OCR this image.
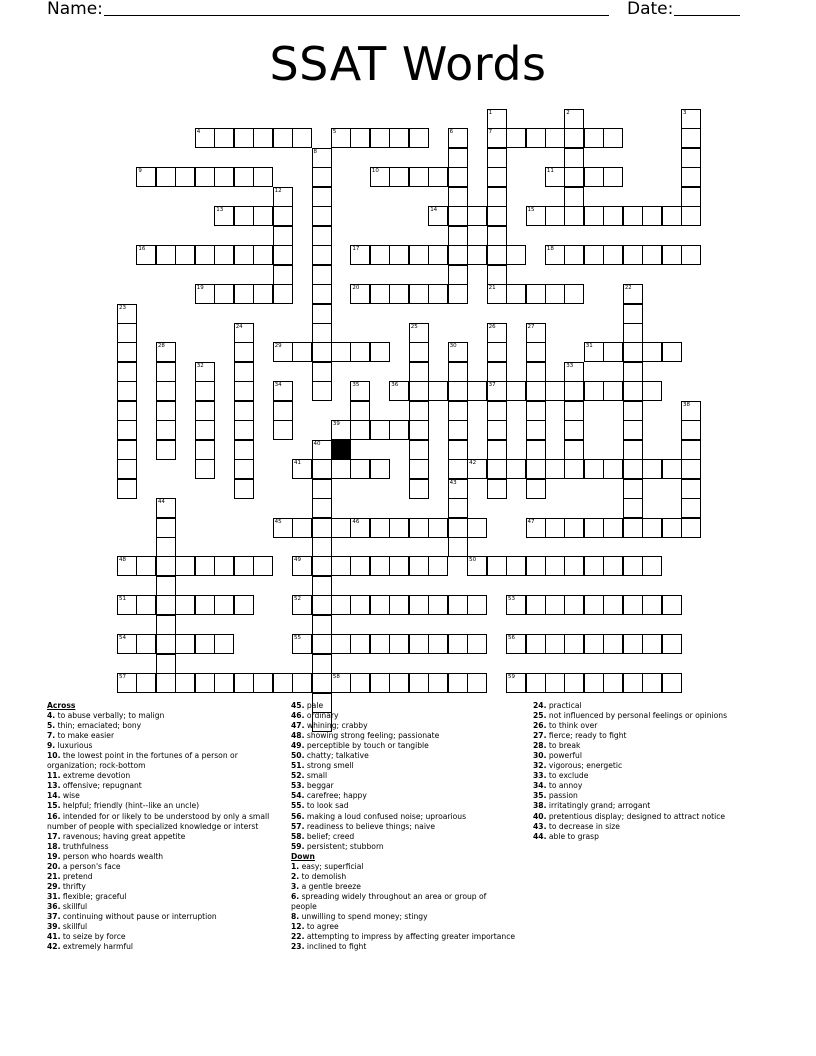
Name:	Date:
SSAT Words
4	5	7
9	10	11
13	14	15
16	17	18
19	20	21
29	31
36	37
39
41	42
45	46	47
48	49	50
51	52	53
54	55	56
57	58	59
1	2	3
6
8
12
22
23
24	25	26	27
28	30
32	33
34	35
38
43
44
40
Across
4. to abuse verbally; to malign
5. thin; emaciated; bony
7. to make easier
9. luxurious
10. the lowest point in the fortunes of a person or
organization; rock-bottom
11. extreme devotion
13. offensive; repugnant
14. wise
15. helpful; friendly (hint--like an uncle)
16. intended for or likely to be understood by only a small
number of people with specialized knowledge or interst
17. ravenous; having great appetite
18. truthfulness
19. person who hoards wealth
20. a person's face
21. pretend
29. thrifty
31. flexible; graceful
36. skillful
37. continuing without pause or interruption
39. skillful
41. to seize by force
42. extremely harmful
45. pale
46. ordinary
47. whining; crabby
48. showing strong feeling; passionate
49. perceptible by touch or tangible
50. chatty; talkative
51. strong smell
52. small
53. beggar
54. carefree; happy
55. to look sad
56. making a loud confused noise; uproarious
57. readiness to believe things; naive
58. belief; creed
59. persistent; stubborn
Down
1. easy; superficial
2. to demolish
3. a gentle breeze
6. spreading widely throughout an area or group of
people
8. unwilling to spend money; stingy
12. to agree
22. attempting to impress by affecting greater importance
23. inclined to fight
24. practical
25. not influenced by personal feelings or opinions
26. to think over
27. fierce; ready to fight
28. to break
30. powerful
32. vigorous; energetic
33. to exclude
34. to annoy
35. passion
38. irritatingly grand; arrogant
40. pretentious display; designed to attract notice
43. to decrease in size
44. able to grasp
